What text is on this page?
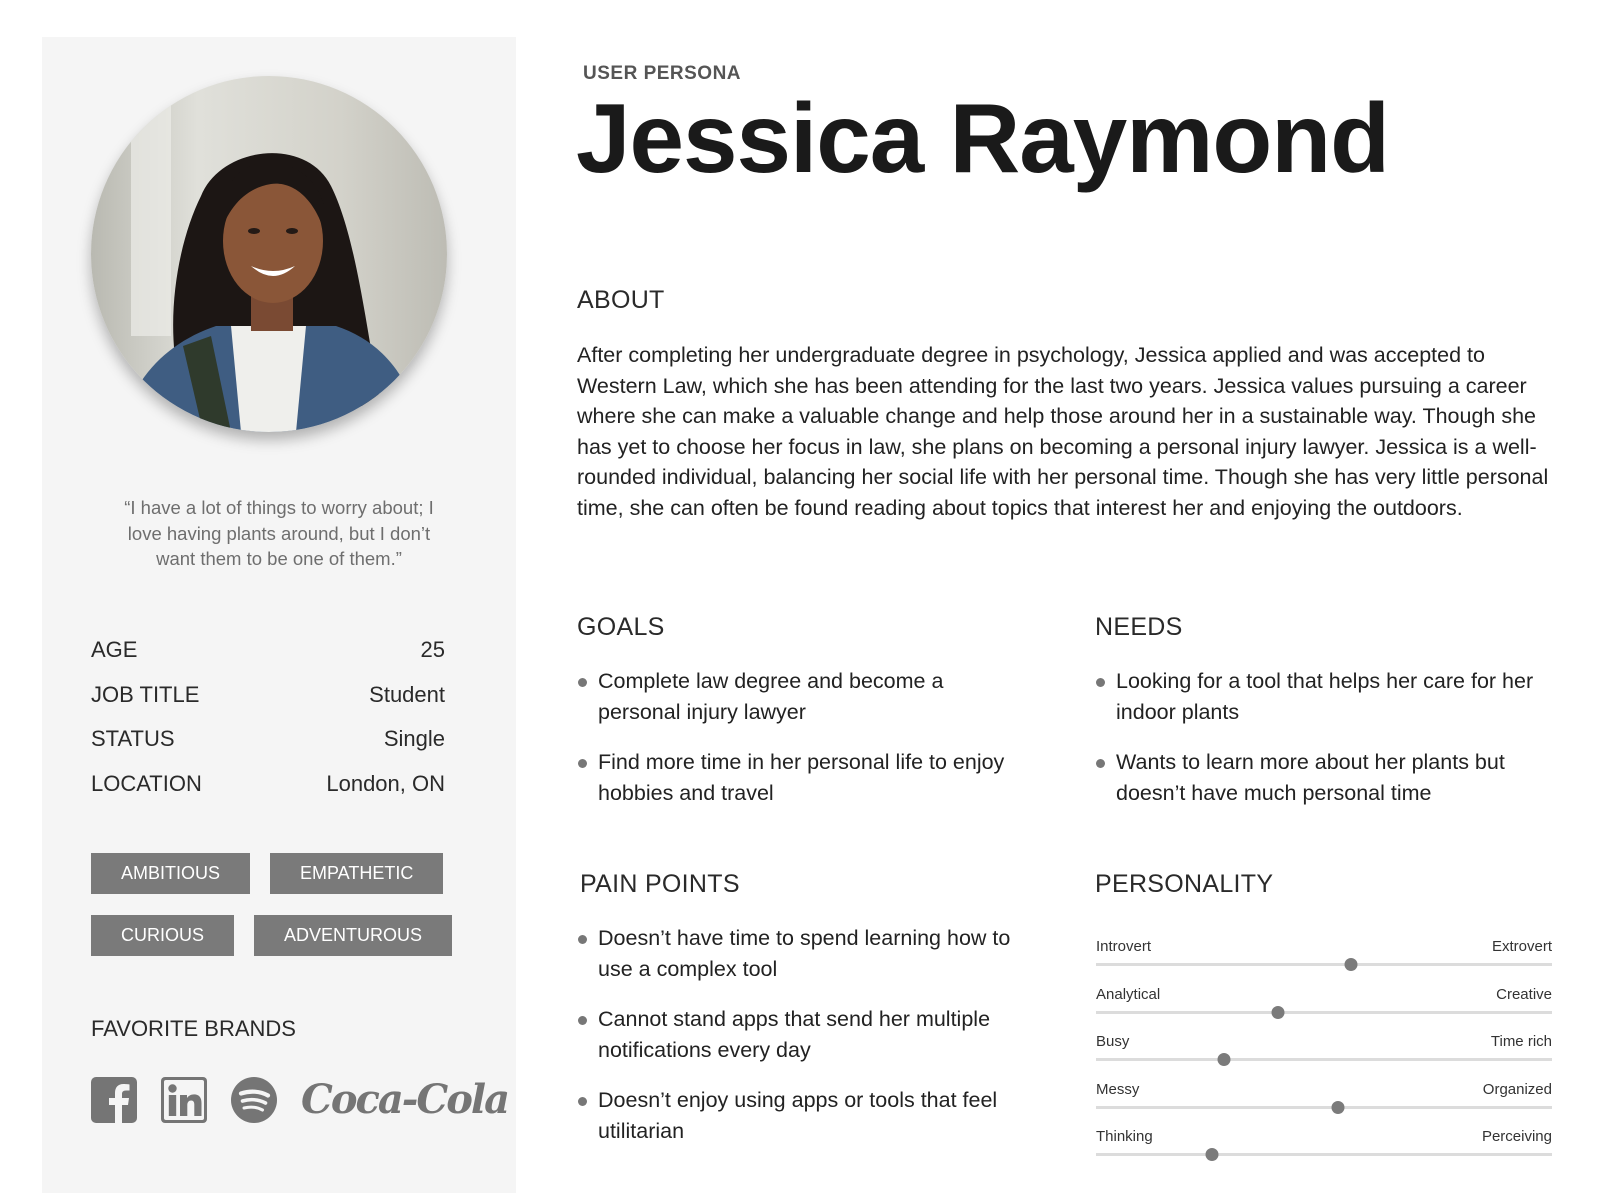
“I have a lot of things to worry about; I love having plants around, but I don’t want them to be one of them.”
AGE	25
JOB TITLE	Student
STATUS	Single
LOCATION	London, ON
AMBITIOUS	EMPATHETIC
CURIOUS	ADVENTUROUS
FAVORITE BRANDS
Coca-Cola
USER PERSONA
Jessica Raymond
ABOUT
After completing her undergraduate degree in psychology, Jessica applied and was accepted to Western Law, which she has been attending for the last two years. Jessica values pursuing a career where she can make a valuable change and help those around her in a sustainable way. Though she has yet to choose her focus in law, she plans on becoming a personal injury lawyer. Jessica is a well-rounded individual, balancing her social life with her personal time. Though she has very little personal time, she can often be found reading about topics that interest her and enjoying the outdoors.
GOALS
Complete law degree and become a personal injury lawyer
Find more time in her personal life to enjoy hobbies and travel
NEEDS
Looking for a tool that helps her care for her indoor plants
Wants to learn more about her plants but doesn’t have much personal time
PAIN POINTS
Doesn’t have time to spend learning how to use a complex tool
Cannot stand apps that send her multiple notifications every day
Doesn’t enjoy using apps or tools that feel utilitarian
PERSONALITY
Introvert	Extrovert
Analytical	Creative
Busy	Time rich
Messy	Organized
Thinking	Perceiving
